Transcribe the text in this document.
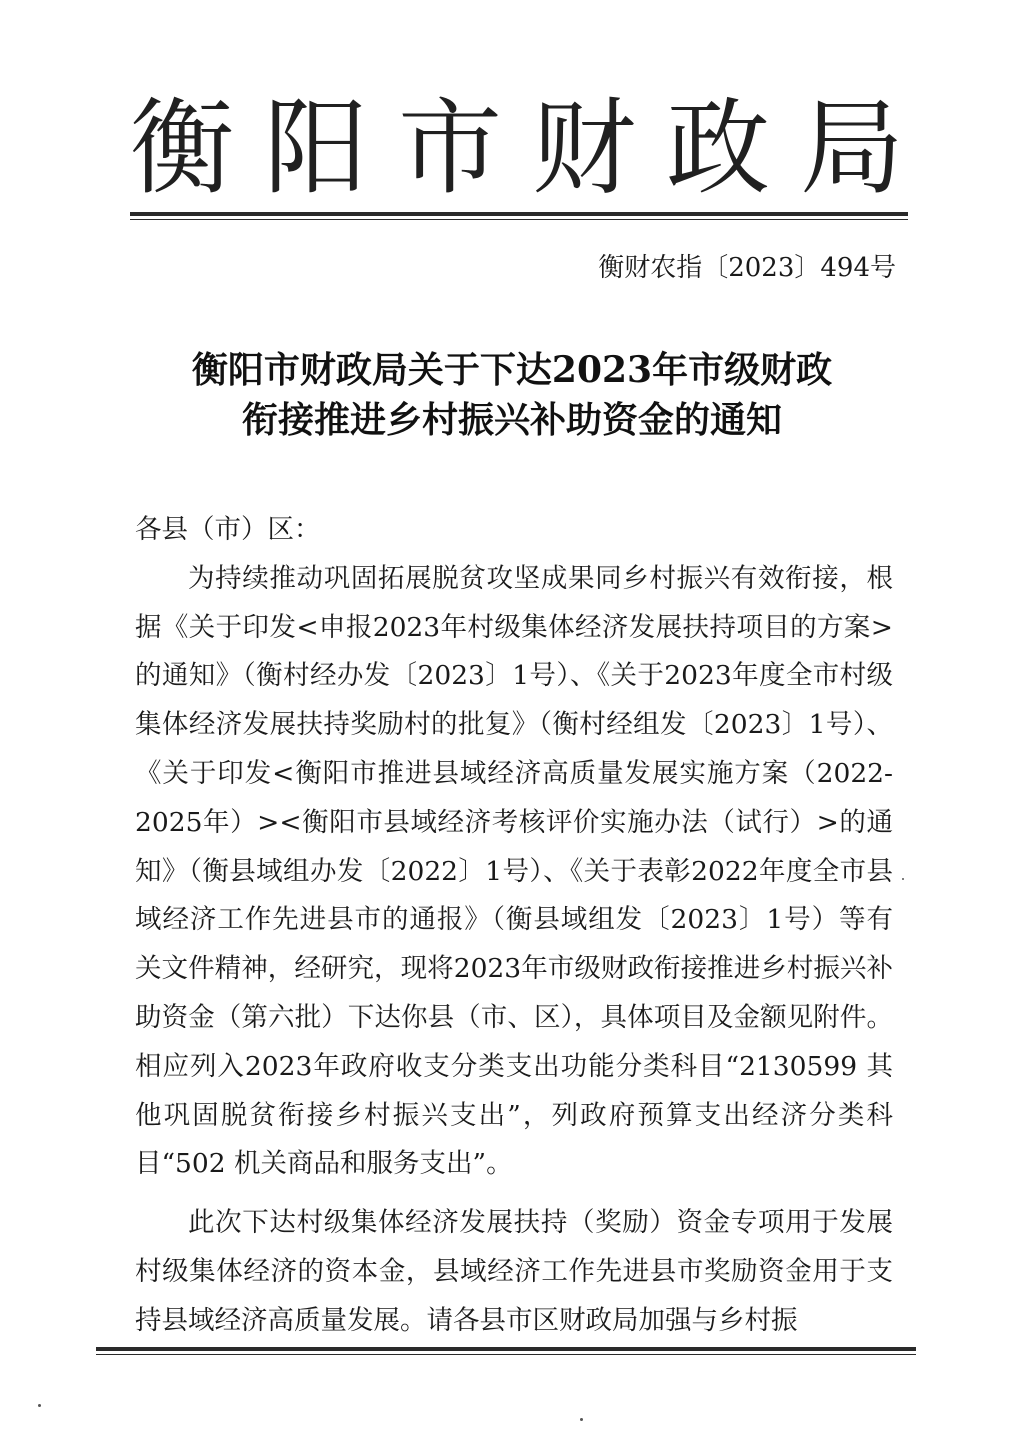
衡阳市财政局
衡财农指〔2023〕494号
衡阳市财政局关于下达2023年市级财政
衔接推进乡村振兴补助资金的通知

各县（市）区：

为持续推动巩固拓展脱贫攻坚成果同乡村振兴有效衔接，根据《关于印发<申报2023年村级集体经济发展扶持项目的方案>的通知》（衡村经办发〔2023〕1号）、《关于2023年度全市村级集体经济发展扶持奖励村的批复》（衡村经组发〔2023〕1号）、《关于印发<衡阳市推进县域经济高质量发展实施方案（2022-2025年）><衡阳市县域经济考核评价实施办法（试行）>的通知》（衡县域组办发〔2022〕1号）、《关于表彰2022年度全市县域经济工作先进县市的通报》（衡县域组发〔2023〕1号）等有关文件精神，经研究，现将2023年市级财政衔接推进乡村振兴补助资金（第六批）下达你县（市、区），具体项目及金额见附件。相应列入2023年政府收支分类支出功能分类科目“2130599 其他巩固脱贫衔接乡村振兴支出”，列政府预算支出经济分类科目“502 机关商品和服务支出”。

此次下达村级集体经济发展扶持（奖励）资金专项用于发展村级集体经济的资本金，县域经济工作先进县市奖励资金用于支持县域经济高质量发展。请各县市区财政局加强与乡村振
